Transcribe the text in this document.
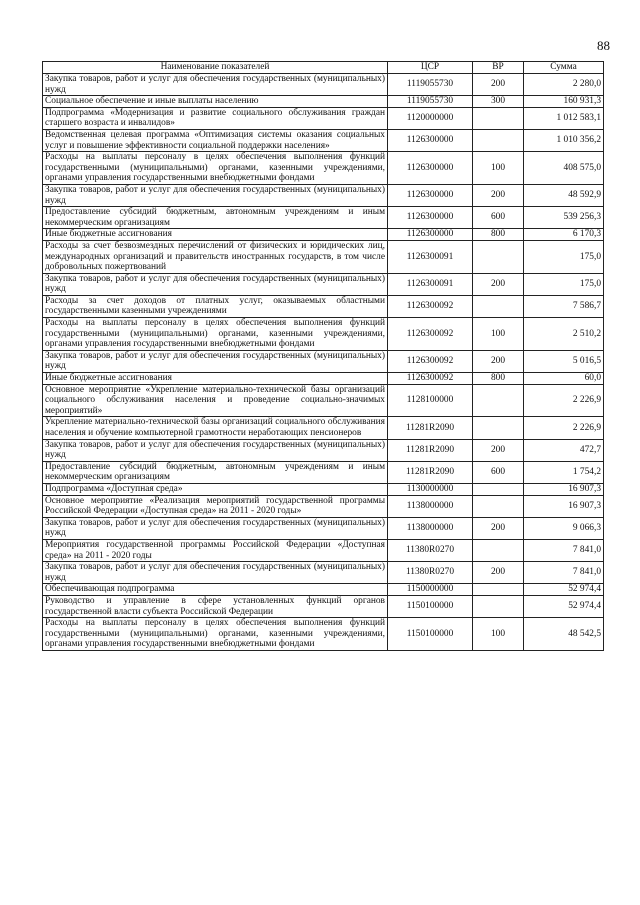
88
Наименование показателей	ЦСР	ВР	Сумма
Закупка товаров, работ и услуг для обеспечения государственных (муниципальных) нужд	1119055730	200	2 280,0
Социальное обеспечение и иные выплаты населению	1119055730	300	160 931,3
Подпрограмма «Модернизация и развитие социального обслуживания граждан старшего возраста и инвалидов»	1120000000		1 012 583,1
Ведомственная целевая программа «Оптимизация системы оказания социальных услуг и повышение эффективности социальной поддержки населения»	1126300000		1 010 356,2
Расходы на выплаты персоналу в целях обеспечения выполнения функций государственными (муниципальными) органами, казенными учреждениями, органами управления государственными внебюджетными фондами	1126300000	100	408 575,0
Закупка товаров, работ и услуг для обеспечения государственных (муниципальных) нужд	1126300000	200	48 592,9
Предоставление субсидий бюджетным, автономным учреждениям и иным некоммерческим организациям	1126300000	600	539 256,3
Иные бюджетные ассигнования	1126300000	800	6 170,3
Расходы за счет безвозмездных перечислений от физических и юридических лиц, международных организаций и правительств иностранных государств, в том числе добровольных пожертвований	1126300091		175,0
Закупка товаров, работ и услуг для обеспечения государственных (муниципальных) нужд	1126300091	200	175,0
Расходы за счет доходов от платных услуг, оказываемых областными государственными казенными учреждениями	1126300092		7 586,7
Расходы на выплаты персоналу в целях обеспечения выполнения функций государственными (муниципальными) органами, казенными учреждениями, органами управления государственными внебюджетными фондами	1126300092	100	2 510,2
Закупка товаров, работ и услуг для обеспечения государственных (муниципальных) нужд	1126300092	200	5 016,5
Иные бюджетные ассигнования	1126300092	800	60,0
Основное мероприятие «Укрепление материально-технической базы организаций социального обслуживания населения и проведение социально-значимых мероприятий»	1128100000		2 226,9
Укрепление материально-технической базы организаций социального обслуживания населения и обучение компьютерной грамотности неработающих пенсионеров	11281R2090		2 226,9
Закупка товаров, работ и услуг для обеспечения государственных (муниципальных) нужд	11281R2090	200	472,7
Предоставление субсидий бюджетным, автономным учреждениям и иным некоммерческим организациям	11281R2090	600	1 754,2
Подпрограмма «Доступная среда»	1130000000		16 907,3
Основное мероприятие «Реализация мероприятий государственной программы Российской Федерации «Доступная среда» на 2011 - 2020 годы»	1138000000		16 907,3
Закупка товаров, работ и услуг для обеспечения государственных (муниципальных) нужд	1138000000	200	9 066,3
Мероприятия государственной программы Российской Федерации «Доступная среда» на 2011 - 2020 годы	11380R0270		7 841,0
Закупка товаров, работ и услуг для обеспечения государственных (муниципальных) нужд	11380R0270	200	7 841,0
Обеспечивающая подпрограмма	1150000000		52 974,4
Руководство и управление в сфере установленных функций органов государственной власти субъекта Российской Федерации	1150100000		52 974,4
Расходы на выплаты персоналу в целях обеспечения выполнения функций государственными (муниципальными) органами, казенными учреждениями, органами управления государственными внебюджетными фондами	1150100000	100	48 542,5
